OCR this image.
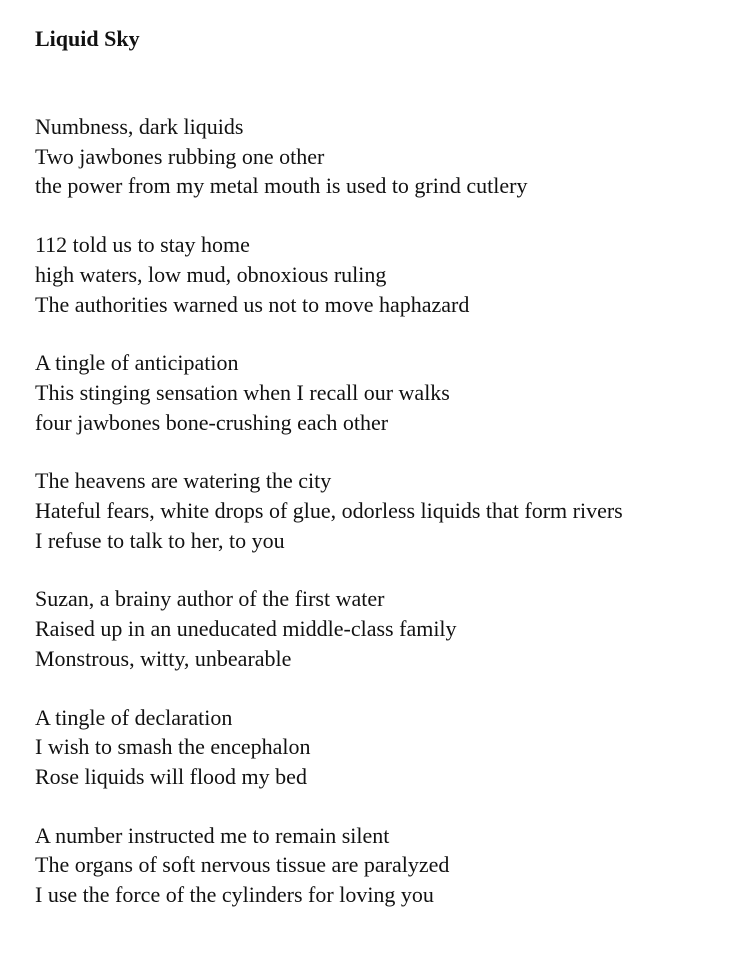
Liquid Sky
Numbness, dark liquids
Two jawbones rubbing one other
the power from my metal mouth is used to grind cutlery
112 told us to stay home
high waters, low mud, obnoxious ruling
The authorities warned us not to move haphazard
A tingle of anticipation
This stinging sensation when I recall our walks
four jawbones bone-crushing each other
The heavens are watering the city
Hateful fears, white drops of glue, odorless liquids that form rivers
I refuse to talk to her, to you
Suzan, a brainy author of the first water
Raised up in an uneducated middle-class family
Monstrous, witty, unbearable
A tingle of declaration
I wish to smash the encephalon
Rose liquids will flood my bed
A number instructed me to remain silent
The organs of soft nervous tissue are paralyzed
I use the force of the cylinders for loving you
